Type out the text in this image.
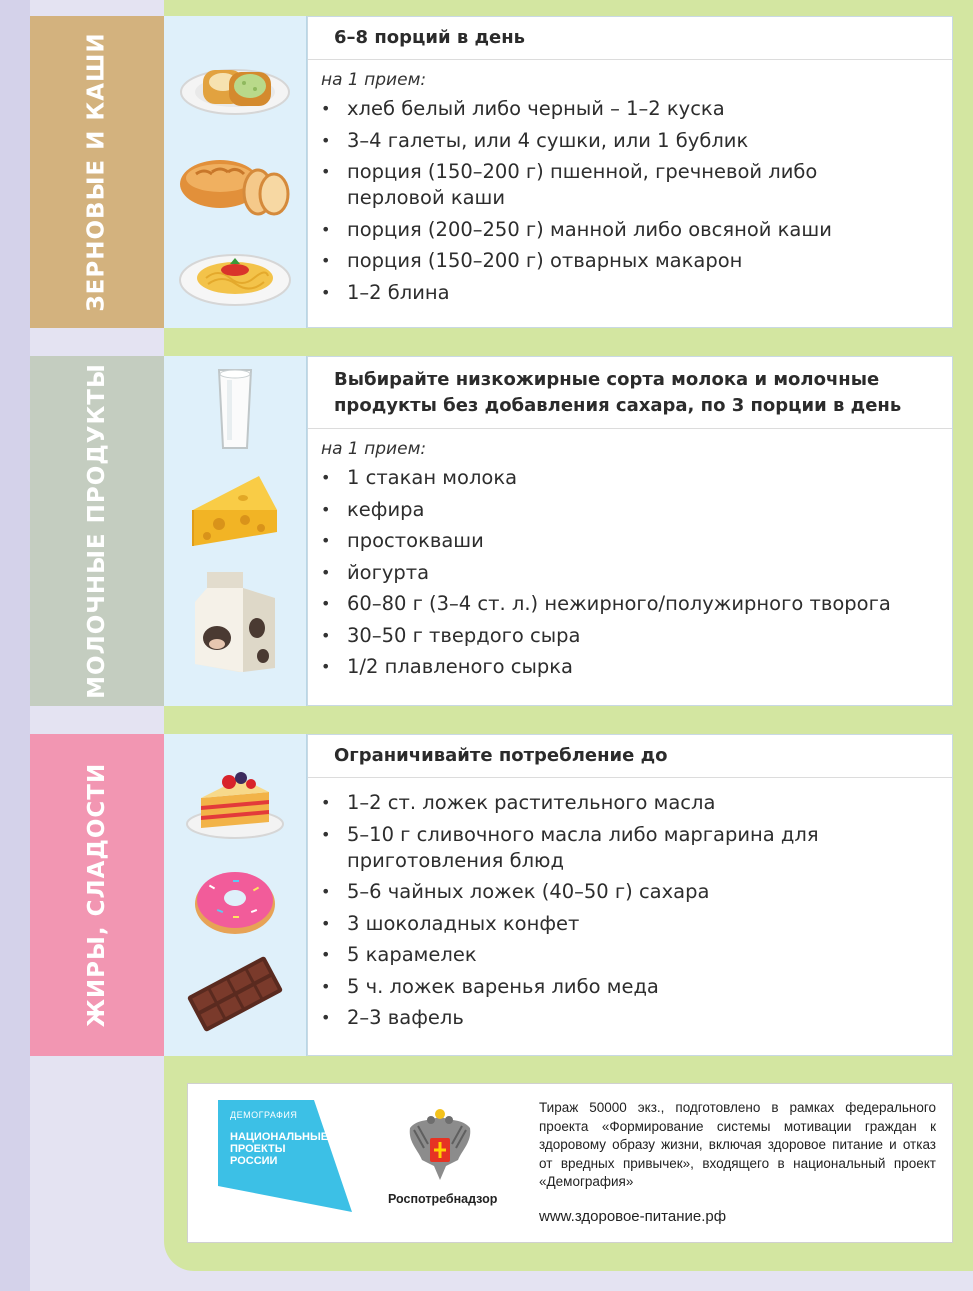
ЗЕРНОВЫЕ И КАШИ	6–8 порций в день
на 1 прием:
• хлеб белый либо черный – 1–2 куска
• 3–4 галеты, или 4 сушки, или 1 бублик
• порция (150–200 г) пшенной, гречневой либо перловой каши
• порция (200–250 г) манной либо овсяной каши
• порция (150–200 г) отварных макарон
• 1–2 блина
МОЛОЧНЫЕ ПРОДУКТЫ	Выбирайте низкожирные сорта молока и молочные продукты без добавления сахара, по 3 порции в день
на 1 прием:
• 1 стакан молока
• кефира
• простокваши
• йогурта
• 60–80 г (3–4 ст. л.) нежирного/полужирного творога
• 30–50 г твердого сыра
• 1/2 плавленого сырка
ЖИРЫ, СЛАДОСТИ
Ограничивайте потребление до
• 1–2 ст. ложек растительного масла
• 5–10 г сливочного масла либо маргарина для приготовления блюд
• 5–6 чайных ложек (40–50 г) сахара
• 3 шоколадных конфет
• 5 карамелек
• 5 ч. ложек варенья либо меда
• 2–3 вафель
ДЕМОГРАФИЯ
НАЦИОНАЛЬНЫЕ
ПРОЕКТЫ
РОССИИ
Роспотребнадзор
Тираж 50000 экз., подготовлено в рамках федерального проекта «Формирование системы мотивации граждан к здоровому образу жизни, включая здоровое питание и отказ от вредных привычек», входящего в национальный проект «Демография»
www.здоровое-питание.рф
